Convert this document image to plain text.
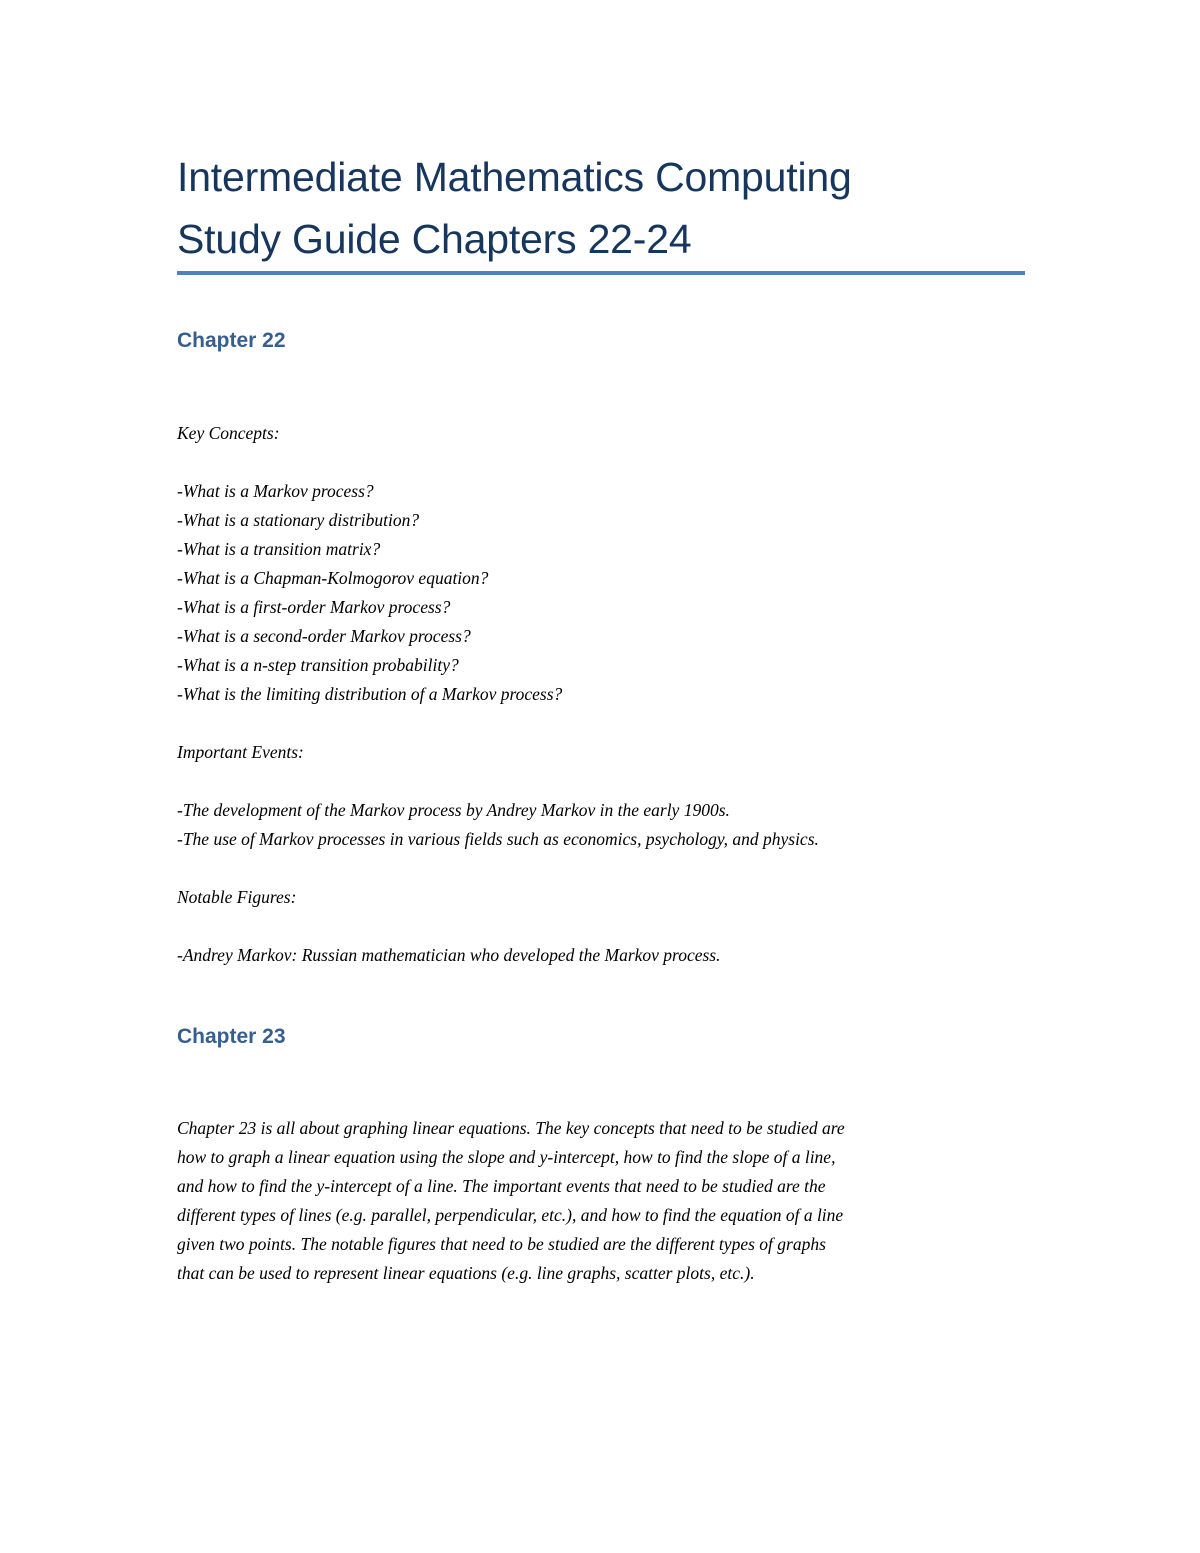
Intermediate Mathematics Computing
Study Guide Chapters 22-24
Chapter 22
Key Concepts:
-What is a Markov process?
-What is a stationary distribution?
-What is a transition matrix?
-What is a Chapman-Kolmogorov equation?
-What is a first-order Markov process?
-What is a second-order Markov process?
-What is a n-step transition probability?
-What is the limiting distribution of a Markov process?
Important Events:
-The development of the Markov process by Andrey Markov in the early 1900s.
-The use of Markov processes in various fields such as economics, psychology, and physics.
Notable Figures:
-Andrey Markov: Russian mathematician who developed the Markov process.
Chapter 23
Chapter 23 is all about graphing linear equations. The key concepts that need to be studied are
how to graph a linear equation using the slope and y-intercept, how to find the slope of a line,
and how to find the y-intercept of a line. The important events that need to be studied are the
different types of lines (e.g. parallel, perpendicular, etc.), and how to find the equation of a line
given two points. The notable figures that need to be studied are the different types of graphs
that can be used to represent linear equations (e.g. line graphs, scatter plots, etc.).
